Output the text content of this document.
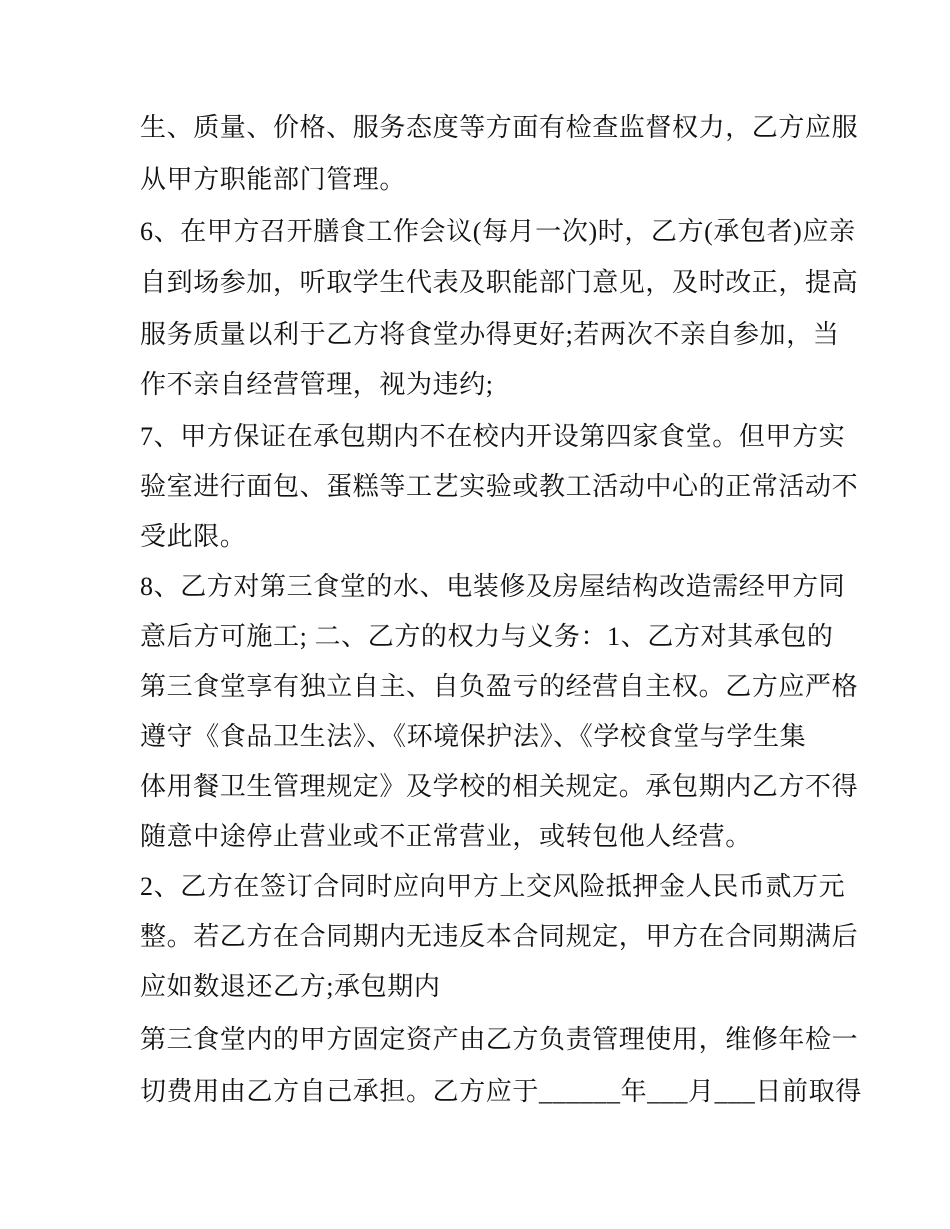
生、质量、价格、服务态度等方面有检查监督权力，乙方应服
从甲方职能部门管理。
6、在甲方召开膳食工作会议(每月一次)时，乙方(承包者)应亲
自到场参加，听取学生代表及职能部门意见，及时改正，提高
服务质量以利于乙方将食堂办得更好;若两次不亲自参加，当
作不亲自经营管理，视为违约;
7、甲方保证在承包期内不在校内开设第四家食堂。但甲方实
验室进行面包、蛋糕等工艺实验或教工活动中心的正常活动不
受此限。
8、乙方对第三食堂的水、电装修及房屋结构改造需经甲方同
意后方可施工; 二、乙方的权力与义务：1、乙方对其承包的
第三食堂享有独立自主、自负盈亏的经营自主权。乙方应严格
遵守《食品卫生法》、《环境保护法》、《学校食堂与学生集
体用餐卫生管理规定》及学校的相关规定。承包期内乙方不得
随意中途停止营业或不正常营业，或转包他人经营。
2、乙方在签订合同时应向甲方上交风险抵押金人民币贰万元
整。若乙方在合同期内无违反本合同规定，甲方在合同期满后
应如数退还乙方;承包期内
第三食堂内的甲方固定资产由乙方负责管理使用，维修年检一
切费用由乙方自己承担。乙方应于______年___月___日前取得
